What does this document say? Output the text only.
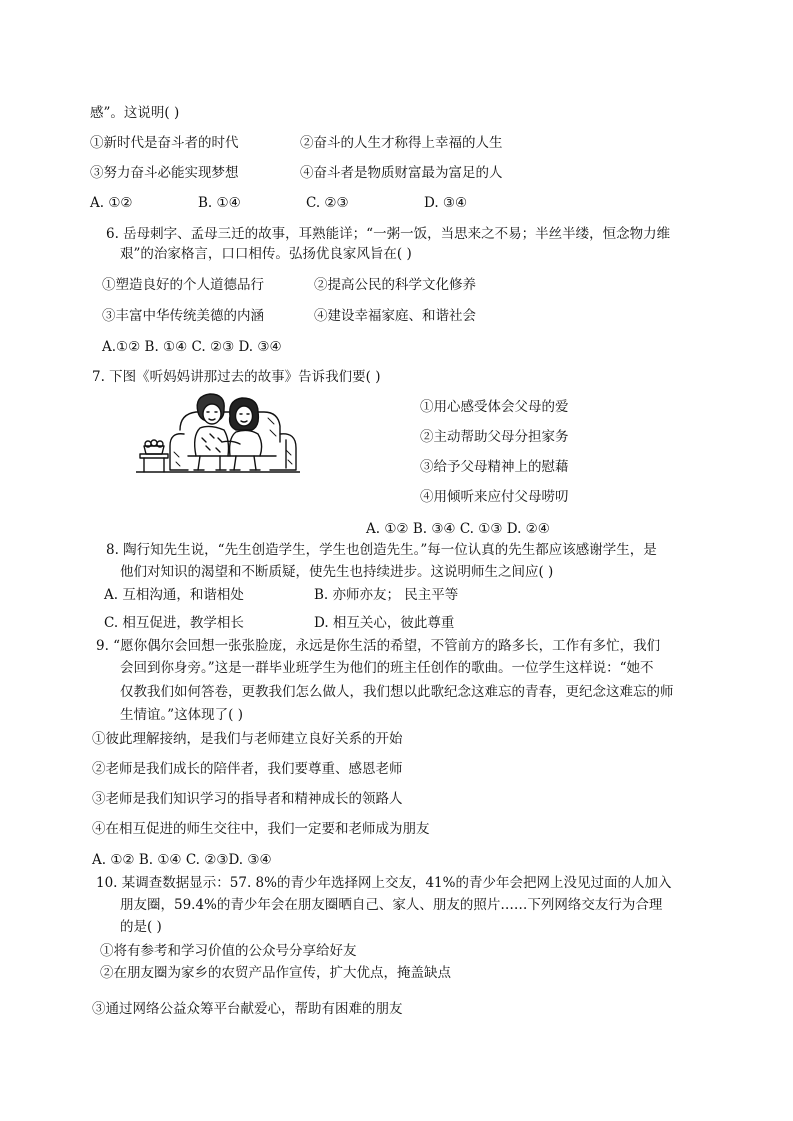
感”。这说明( )
①新时代是奋斗者的时代	②奋斗的人生才称得上幸福的人生
③努力奋斗必能实现梦想	④奋斗者是物质财富最为富足的人
A. ①②	B. ①④	C. ②③	D. ③④
6. 岳母刺字、孟母三迁的故事，耳熟能详；“一粥一饭，当思来之不易；半丝半缕，恒念物力维
艰”的治家格言，口口相传。弘扬优良家风旨在( )
①塑造良好的个人道德品行	②提高公民的科学文化修养
③丰富中华传统美德的内涵	④建设幸福家庭、和谐社会
A.①② B. ①④ C. ②③ D. ③④
7. 下图《听妈妈讲那过去的故事》告诉我们要( )
①用心感受体会父母的爱
②主动帮助父母分担家务
③给予父母精神上的慰藉
④用倾听来应付父母唠叨
A. ①② B. ③④ C. ①③ D. ②④
8. 陶行知先生说，“先生创造学生，学生也创造先生。”每一位认真的先生都应该感谢学生，是
他们对知识的渴望和不断质疑，使先生也持续进步。这说明师生之间应( )
A. 互相沟通，和谐相处	B. 亦师亦友； 民主平等
C. 相互促进，教学相长	D. 相互关心，彼此尊重
9. “愿你偶尔会回想一张张脸庞，永远是你生活的希望，不管前方的路多长，工作有多忙，我们
会回到你身旁。”这是一群毕业班学生为他们的班主任创作的歌曲。一位学生这样说：“她不
仅教我们如何答卷，更教我们怎么做人，我们想以此歌纪念这难忘的青春，更纪念这难忘的师
生情谊。”这体现了( )
①彼此理解接纳，是我们与老师建立良好关系的开始
②老师是我们成长的陪伴者，我们要尊重、感恩老师
③老师是我们知识学习的指导者和精神成长的领路人
④在相互促进的师生交往中，我们一定要和老师成为朋友
A. ①② B. ①④ C. ②③D. ③④
10. 某调查数据显示：57. 8%的青少年选择网上交友，41%的青少年会把网上没见过面的人加入
朋友圈，59.4%的青少年会在朋友圈晒自己、家人、朋友的照片……下列网络交友行为合理
的是( )
①将有参考和学习价值的公众号分享给好友
②在朋友圈为家乡的农贸产品作宣传，扩大优点，掩盖缺点
③通过网络公益众筹平台献爱心，帮助有困难的朋友
